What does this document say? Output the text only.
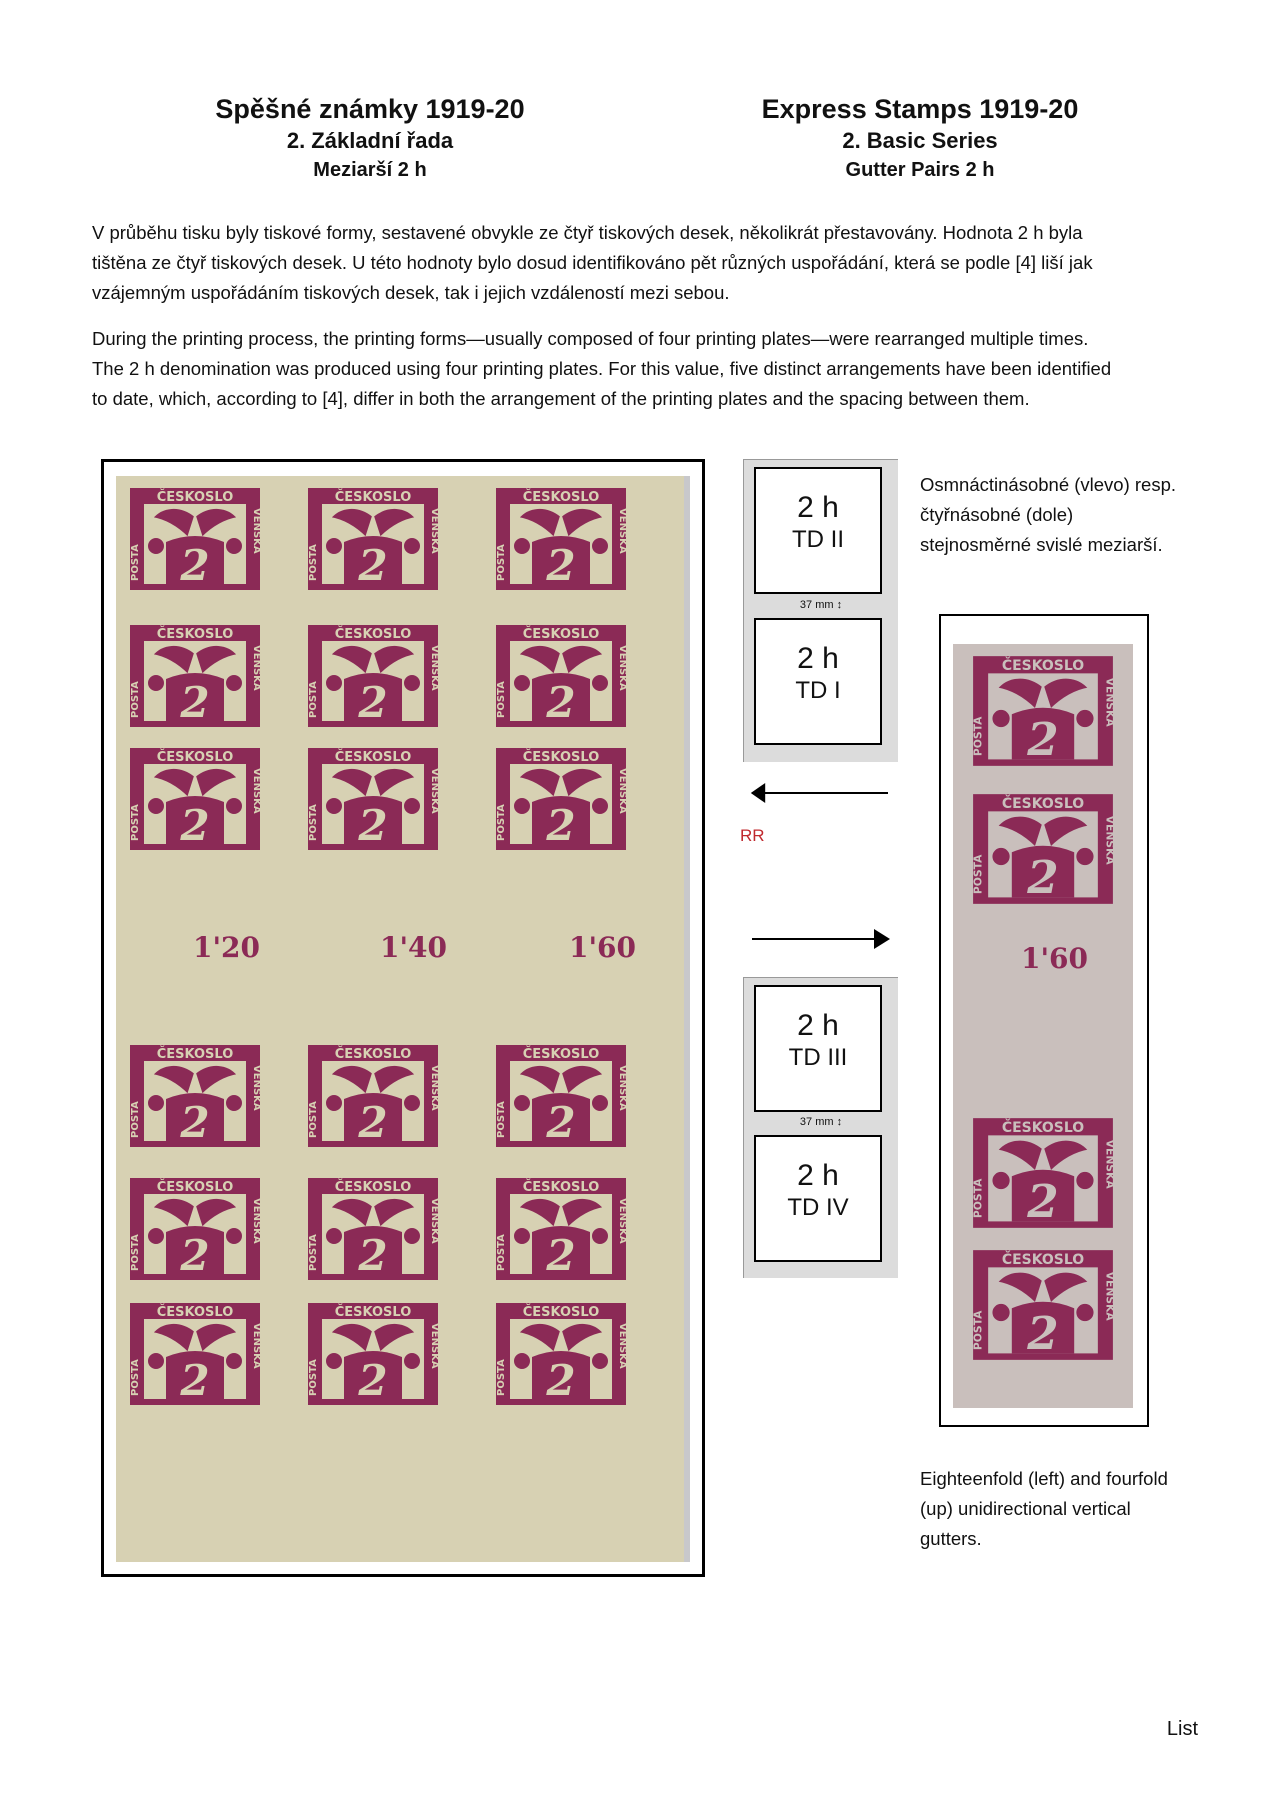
Spěšné známky 1919-20
2. Základní řada
Meziarší 2 h
Express Stamps 1919-20
2. Basic Series
Gutter Pairs 2 h
V průběhu tisku byly tiskové formy, sestavené obvykle ze čtyř tiskových desek, několikrát přestavovány. Hodnota 2 h byla
tištěna ze čtyř tiskových desek. U této hodnoty bylo dosud identifikováno pět různých uspořádání, která se podle [4] liší jak
vzájemným uspořádáním tiskových desek, tak i jejich vzdáleností mezi sebou.
During the printing process, the printing forms—usually composed of four printing plates—were rearranged multiple times.
The 2 h denomination was produced using four printing plates. For this value, five distinct arrangements have been identified
to date, which, according to [4], differ in both the arrangement of the printing plates and the spacing between them.
1'20	1'40	1'60
ČESKOSLO
VENSKÁ
POŠTA 2
ČESKOSLO
VENSKÁ
POŠTA 2
ČESKOSLO
VENSKÁ
POŠTA 2
ČESKOSLO
VENSKÁ
POŠTA 2
ČESKOSLO
VENSKÁ
POŠTA 2
ČESKOSLO
VENSKÁ
POŠTA 2
ČESKOSLO
VENSKÁ
POŠTA 2
ČESKOSLO
VENSKÁ
POŠTA 2
ČESKOSLO
VENSKÁ
POŠTA 2
ČESKOSLO
VENSKÁ
POŠTA 2
ČESKOSLO
VENSKÁ
POŠTA 2
ČESKOSLO
VENSKÁ
POŠTA 2
ČESKOSLO
VENSKÁ
POŠTA 2
ČESKOSLO
VENSKÁ
POŠTA 2
ČESKOSLO
VENSKÁ
POŠTA 2
ČESKOSLO
VENSKÁ
POŠTA 2
ČESKOSLO
VENSKÁ
POŠTA 2
ČESKOSLO
VENSKÁ
POŠTA 2
2 h
TD II
37 mm ↕
2 h
TD I
RR
2 h
TD III
37 mm ↕
2 h
TD IV
Osmnáctinásobné (vlevo) resp.
čtyřnásobné (dole)
stejnosměrné svislé meziarší.
Eighteenfold (left) and fourfold
(up) unidirectional vertical
gutters.
1'60
ČESKOSLO
VENSKÁ
POŠTA 2
ČESKOSLO
VENSKÁ
POŠTA 2
ČESKOSLO
VENSKÁ
POŠTA 2
ČESKOSLO
VENSKÁ
POŠTA 2
List
